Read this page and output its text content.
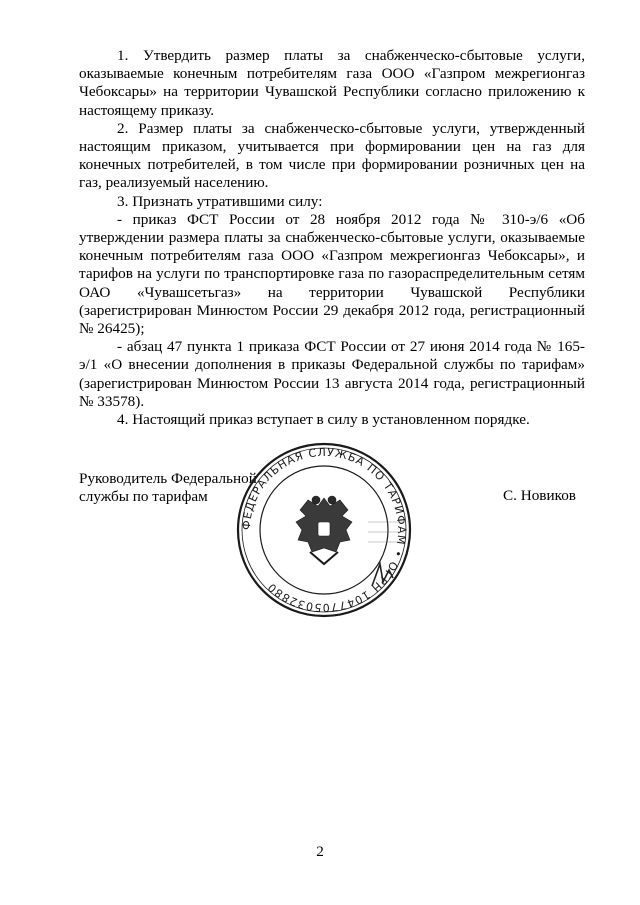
1. Утвердить размер платы за снабженческо-сбытовые услуги, оказываемые конечным потребителям газа ООО «Газпром межрегионгаз Чебоксары» на территории Чувашской Республики согласно приложению к настоящему приказу.

2. Размер платы за снабженческо-сбытовые услуги, утвержденный настоящим приказом, учитывается при формировании цен на газ для конечных потребителей, в том числе при формировании розничных цен на газ, реализуемый населению.

3. Признать утратившими силу:

- приказ ФСТ России от 28 ноября 2012 года № 310-э/6 «Об утверждении размера платы за снабженческо-сбытовые услуги, оказываемые конечным потребителям газа ООО «Газпром межрегионгаз Чебоксары», и тарифов на услуги по транспортировке газа по газораспределительным сетям ОАО «Чувашсетьгаз» на территории Чувашской Республики (зарегистрирован Минюстом России 29 декабря 2012 года, регистрационный № 26425);

- абзац 47 пункта 1 приказа ФСТ России от 27 июня 2014 года № 165-э/1 «О внесении дополнения в приказы Федеральной службы по тарифам» (зарегистрирован Минюстом России 13 августа 2014 года, регистрационный № 33578).

4. Настоящий приказ вступает в силу в установленном порядке.

Руководитель Федеральной
службы по тарифам
ФЕДЕРАЛЬНАЯ СЛУЖБА ПО ТАРИФАМ • ОГРН 1047705032880
С. Новиков
2
